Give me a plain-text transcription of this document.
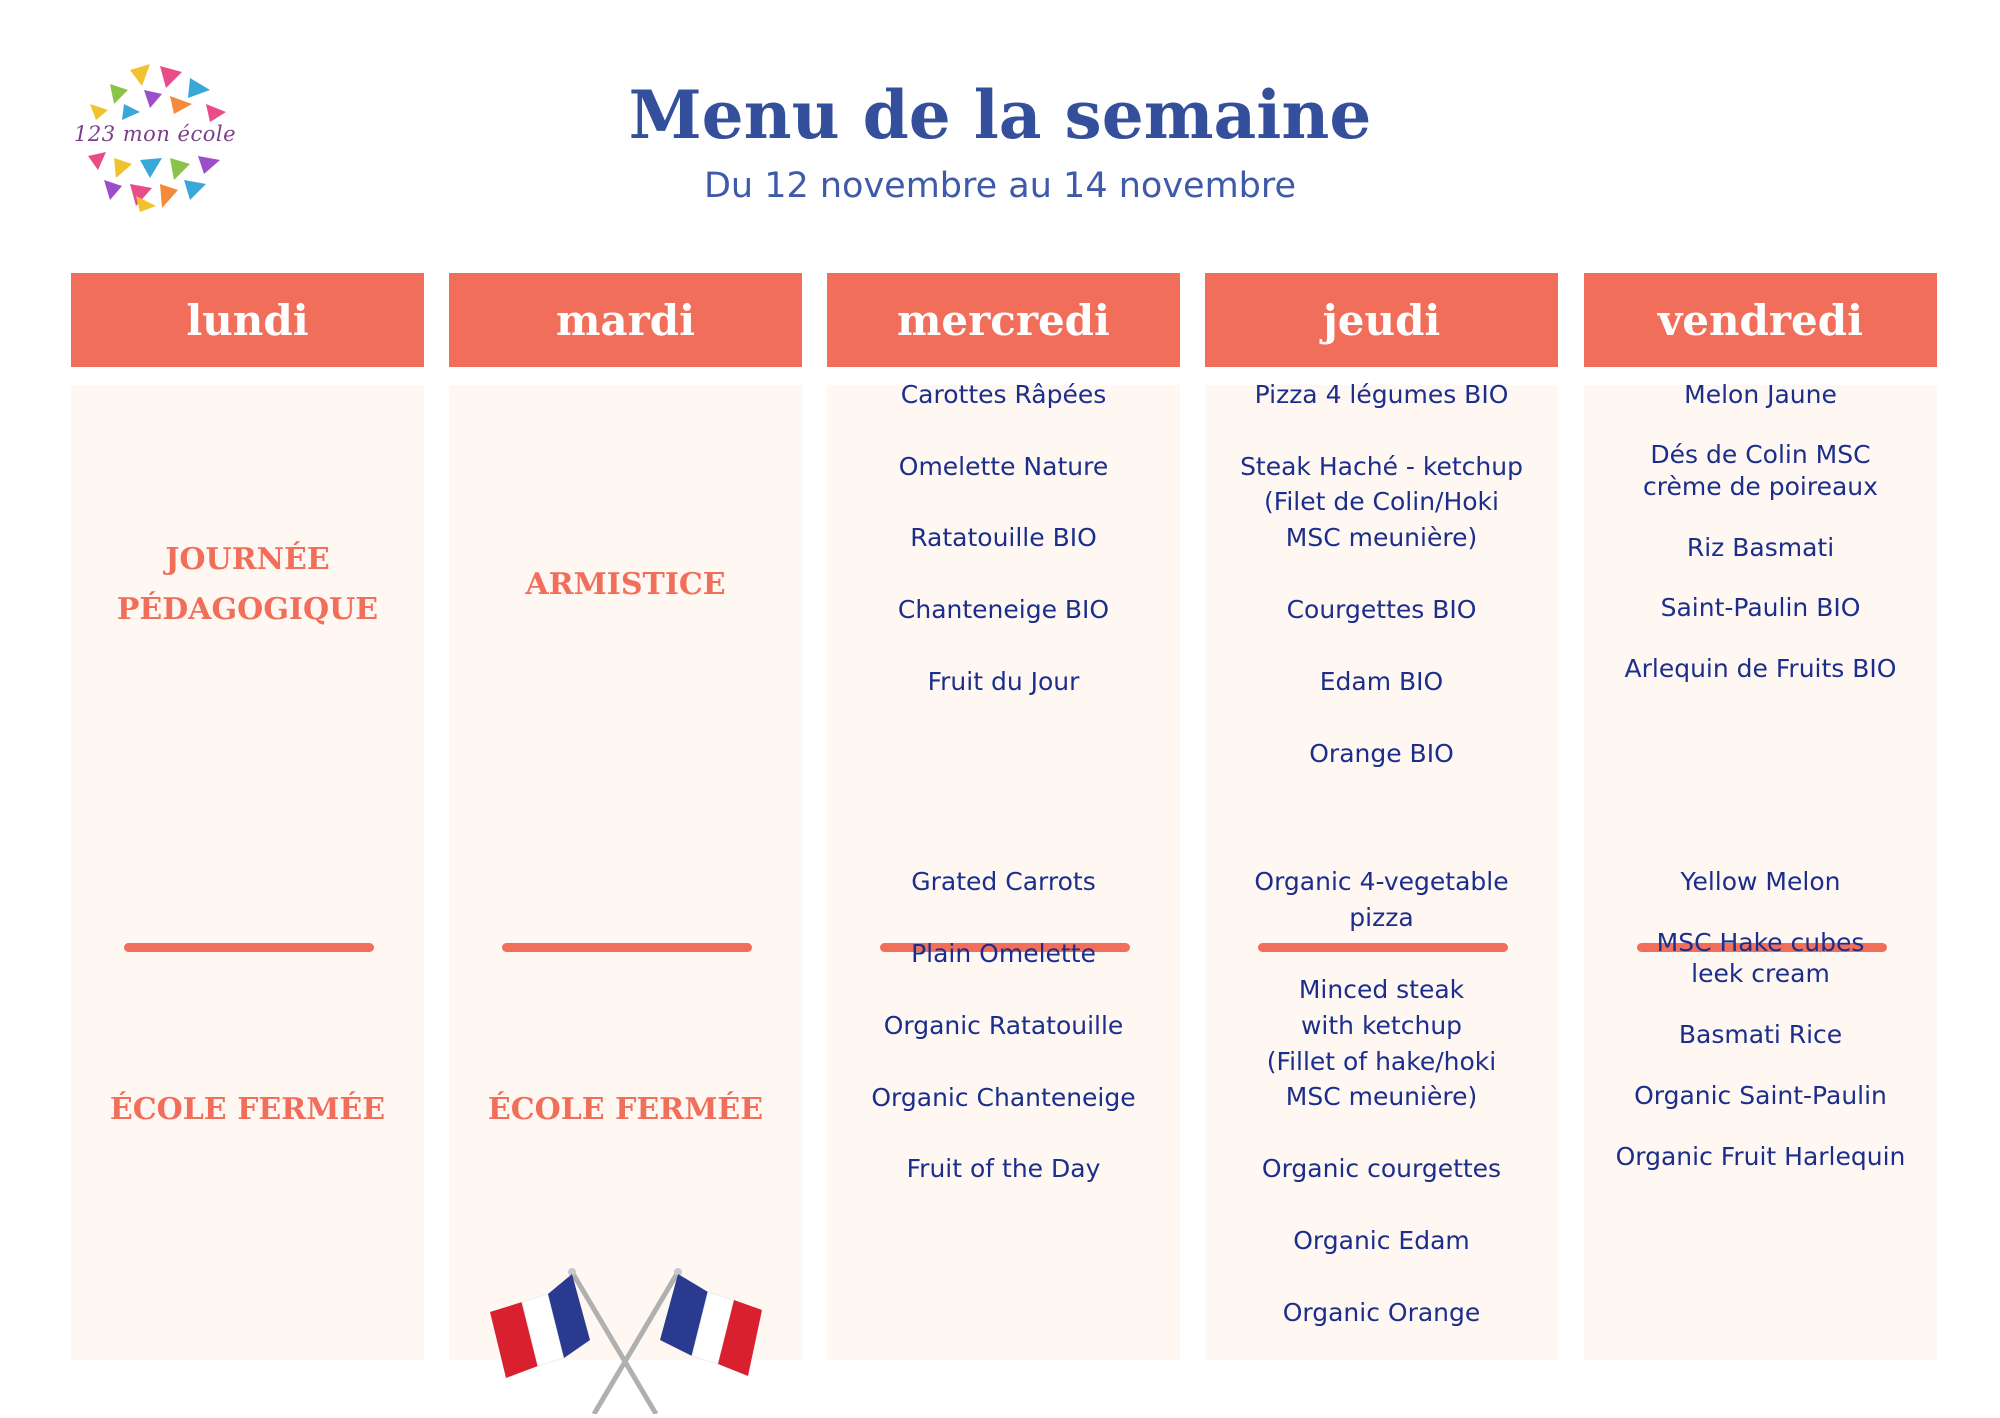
123 mon école	Menu de la semaine
Du 12 novembre au 14 novembre
lundi
JOURNÉE
PÉDAGOGIQUE
ÉCOLE FERMÉE
mardi
ARMISTICE
ÉCOLE FERMÉE
mercredi
Carottes Râpées
Omelette Nature
Ratatouille BIO
Chanteneige BIO
Fruit du Jour
Grated Carrots
Plain Omelette
Organic Ratatouille
Organic Chanteneige
Fruit of the Day
jeudi
Pizza 4 légumes BIO
Steak Haché - ketchup
(Filet de Colin/Hoki
MSC meunière)
Courgettes BIO
Edam BIO
Orange BIO
Organic 4-vegetable
pizza
Minced steak
with ketchup
(Fillet of hake/hoki
MSC meunière)
Organic courgettes
Organic Edam
Organic Orange
vendredi
Melon Jaune
Dés de Colin MSC
crème de poireaux
Riz Basmati
Saint-Paulin BIO
Arlequin de Fruits BIO
Yellow Melon
MSC Hake cubes
leek cream
Basmati Rice
Organic Saint-Paulin
Organic Fruit Harlequin
